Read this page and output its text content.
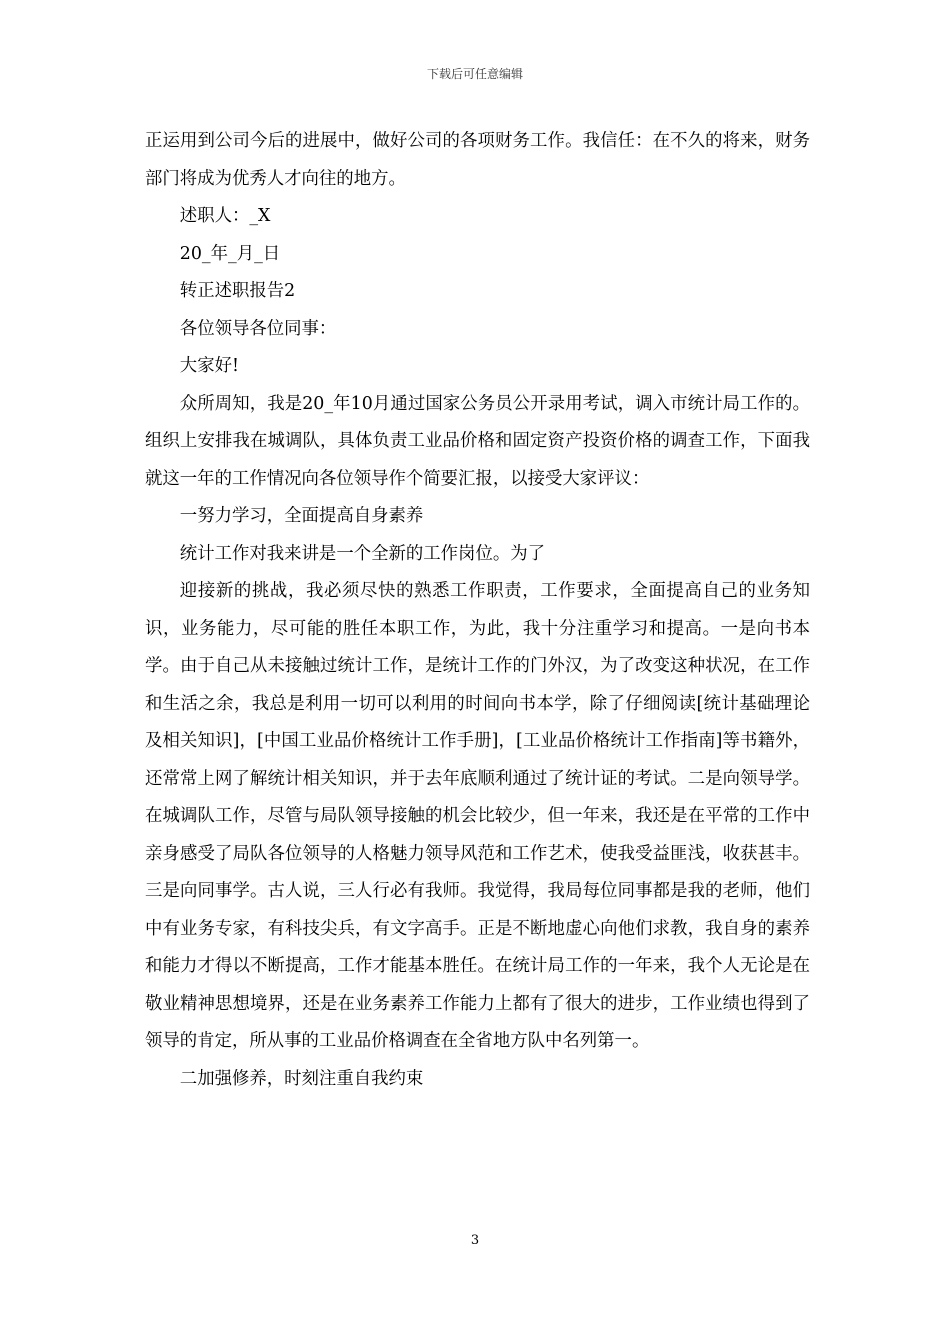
下载后可任意编辑

正运用到公司今后的进展中，做好公司的各项财务工作。我信任：在不久的将来，财务部门将成为优秀人才向往的地方。

述职人：_X

20_年_月_日

转正述职报告2

各位领导各位同事：

大家好!

众所周知，我是20_年10月通过国家公务员公开录用考试，调入市统计局工作的。组织上安排我在城调队，具体负责工业品价格和固定资产投资价格的调查工作，下面我就这一年的工作情况向各位领导作个简要汇报，以接受大家评议：

一努力学习，全面提高自身素养

统计工作对我来讲是一个全新的工作岗位。为了

迎接新的挑战，我必须尽快的熟悉工作职责，工作要求，全面提高自己的业务知识，业务能力，尽可能的胜任本职工作，为此，我十分注重学习和提高。一是向书本学。由于自己从未接触过统计工作，是统计工作的门外汉，为了改变这种状况，在工作和生活之余，我总是利用一切可以利用的时间向书本学，除了仔细阅读[统计基础理论及相关知识]，[中国工业品价格统计工作手册]，[工业品价格统计工作指南]等书籍外，还常常上网了解统计相关知识，并于去年底顺利通过了统计证的考试。二是向领导学。在城调队工作，尽管与局队领导接触的机会比较少，但一年来，我还是在平常的工作中亲身感受了局队各位领导的人格魅力领导风范和工作艺术，使我受益匪浅，收获甚丰。三是向同事学。古人说，三人行必有我师。我觉得，我局每位同事都是我的老师，他们中有业务专家，有科技尖兵，有文字高手。正是不断地虚心向他们求教，我自身的素养和能力才得以不断提高，工作才能基本胜任。在统计局工作的一年来，我个人无论是在敬业精神思想境界，还是在业务素养工作能力上都有了很大的进步，工作业绩也得到了领导的肯定，所从事的工业品价格调查在全省地方队中名列第一。

二加强修养，时刻注重自我约束

3
